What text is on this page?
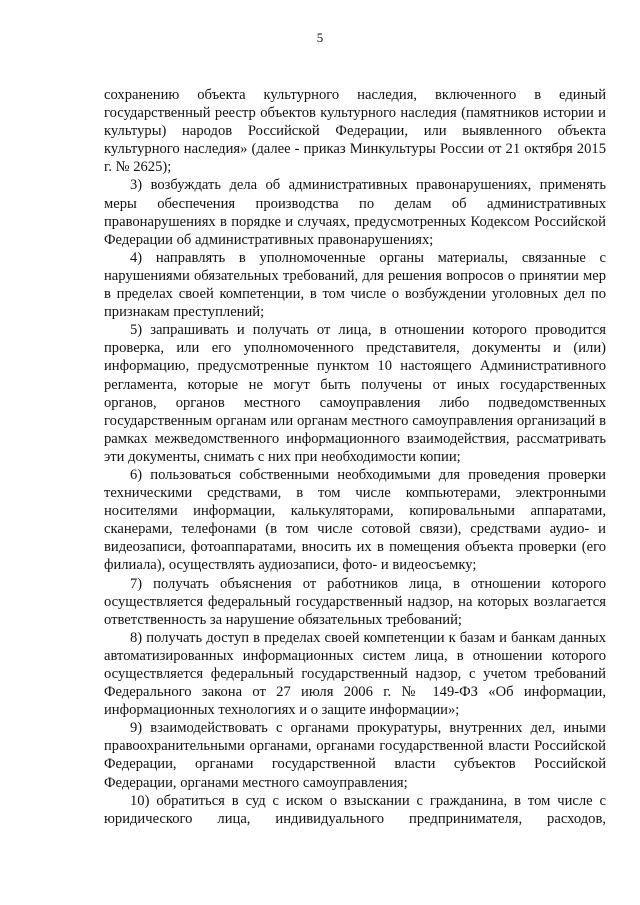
5

сохранению объекта культурного наследия, включенного в единый государственный реестр объектов культурного наследия (памятников истории и культуры) народов Российской Федерации, или выявленного объекта культурного наследия» (далее - приказ Минкультуры России от 21 октября 2015 г. № 2625);

3) возбуждать дела об административных правонарушениях, применять меры обеспечения производства по делам об административных правонарушениях в порядке и случаях, предусмотренных Кодексом Российской Федерации об административных правонарушениях;

4) направлять в уполномоченные органы материалы, связанные с нарушениями обязательных требований, для решения вопросов о принятии мер в пределах своей компетенции, в том числе о возбуждении уголовных дел по признакам преступлений;

5) запрашивать и получать от лица, в отношении которого проводится проверка, или его уполномоченного представителя, документы и (или) информацию, предусмотренные пунктом 10 настоящего Административного регламента, которые не могут быть получены от иных государственных органов, органов местного самоуправления либо подведомственных государственным органам или органам местного самоуправления организаций в рамках межведомственного информационного взаимодействия, рассматривать эти документы, снимать с них при необходимости копии;

6) пользоваться собственными необходимыми для проведения проверки техническими средствами, в том числе компьютерами, электронными носителями информации, калькуляторами, копировальными аппаратами, сканерами, телефонами (в том числе сотовой связи), средствами аудио- и видеозаписи, фотоаппаратами, вносить их в помещения объекта проверки (его филиала), осуществлять аудиозаписи, фото- и видеосъемку;

7) получать объяснения от работников лица, в отношении которого осуществляется федеральный государственный надзор, на которых возлагается ответственность за нарушение обязательных требований;

8) получать доступ в пределах своей компетенции к базам и банкам данных автоматизированных информационных систем лица, в отношении которого осуществляется федеральный государственный надзор, с учетом требований Федерального закона от 27 июля 2006 г. № 149-ФЗ «Об информации, информационных технологиях и о защите информации»;

9) взаимодействовать с органами прокуратуры, внутренних дел, иными правоохранительными органами, органами государственной власти Российской Федерации, органами государственной власти субъектов Российской Федерации, органами местного самоуправления;

10) обратиться в суд с иском о взыскании с гражданина, в том числе с юридического лица, индивидуального предпринимателя, расходов,
